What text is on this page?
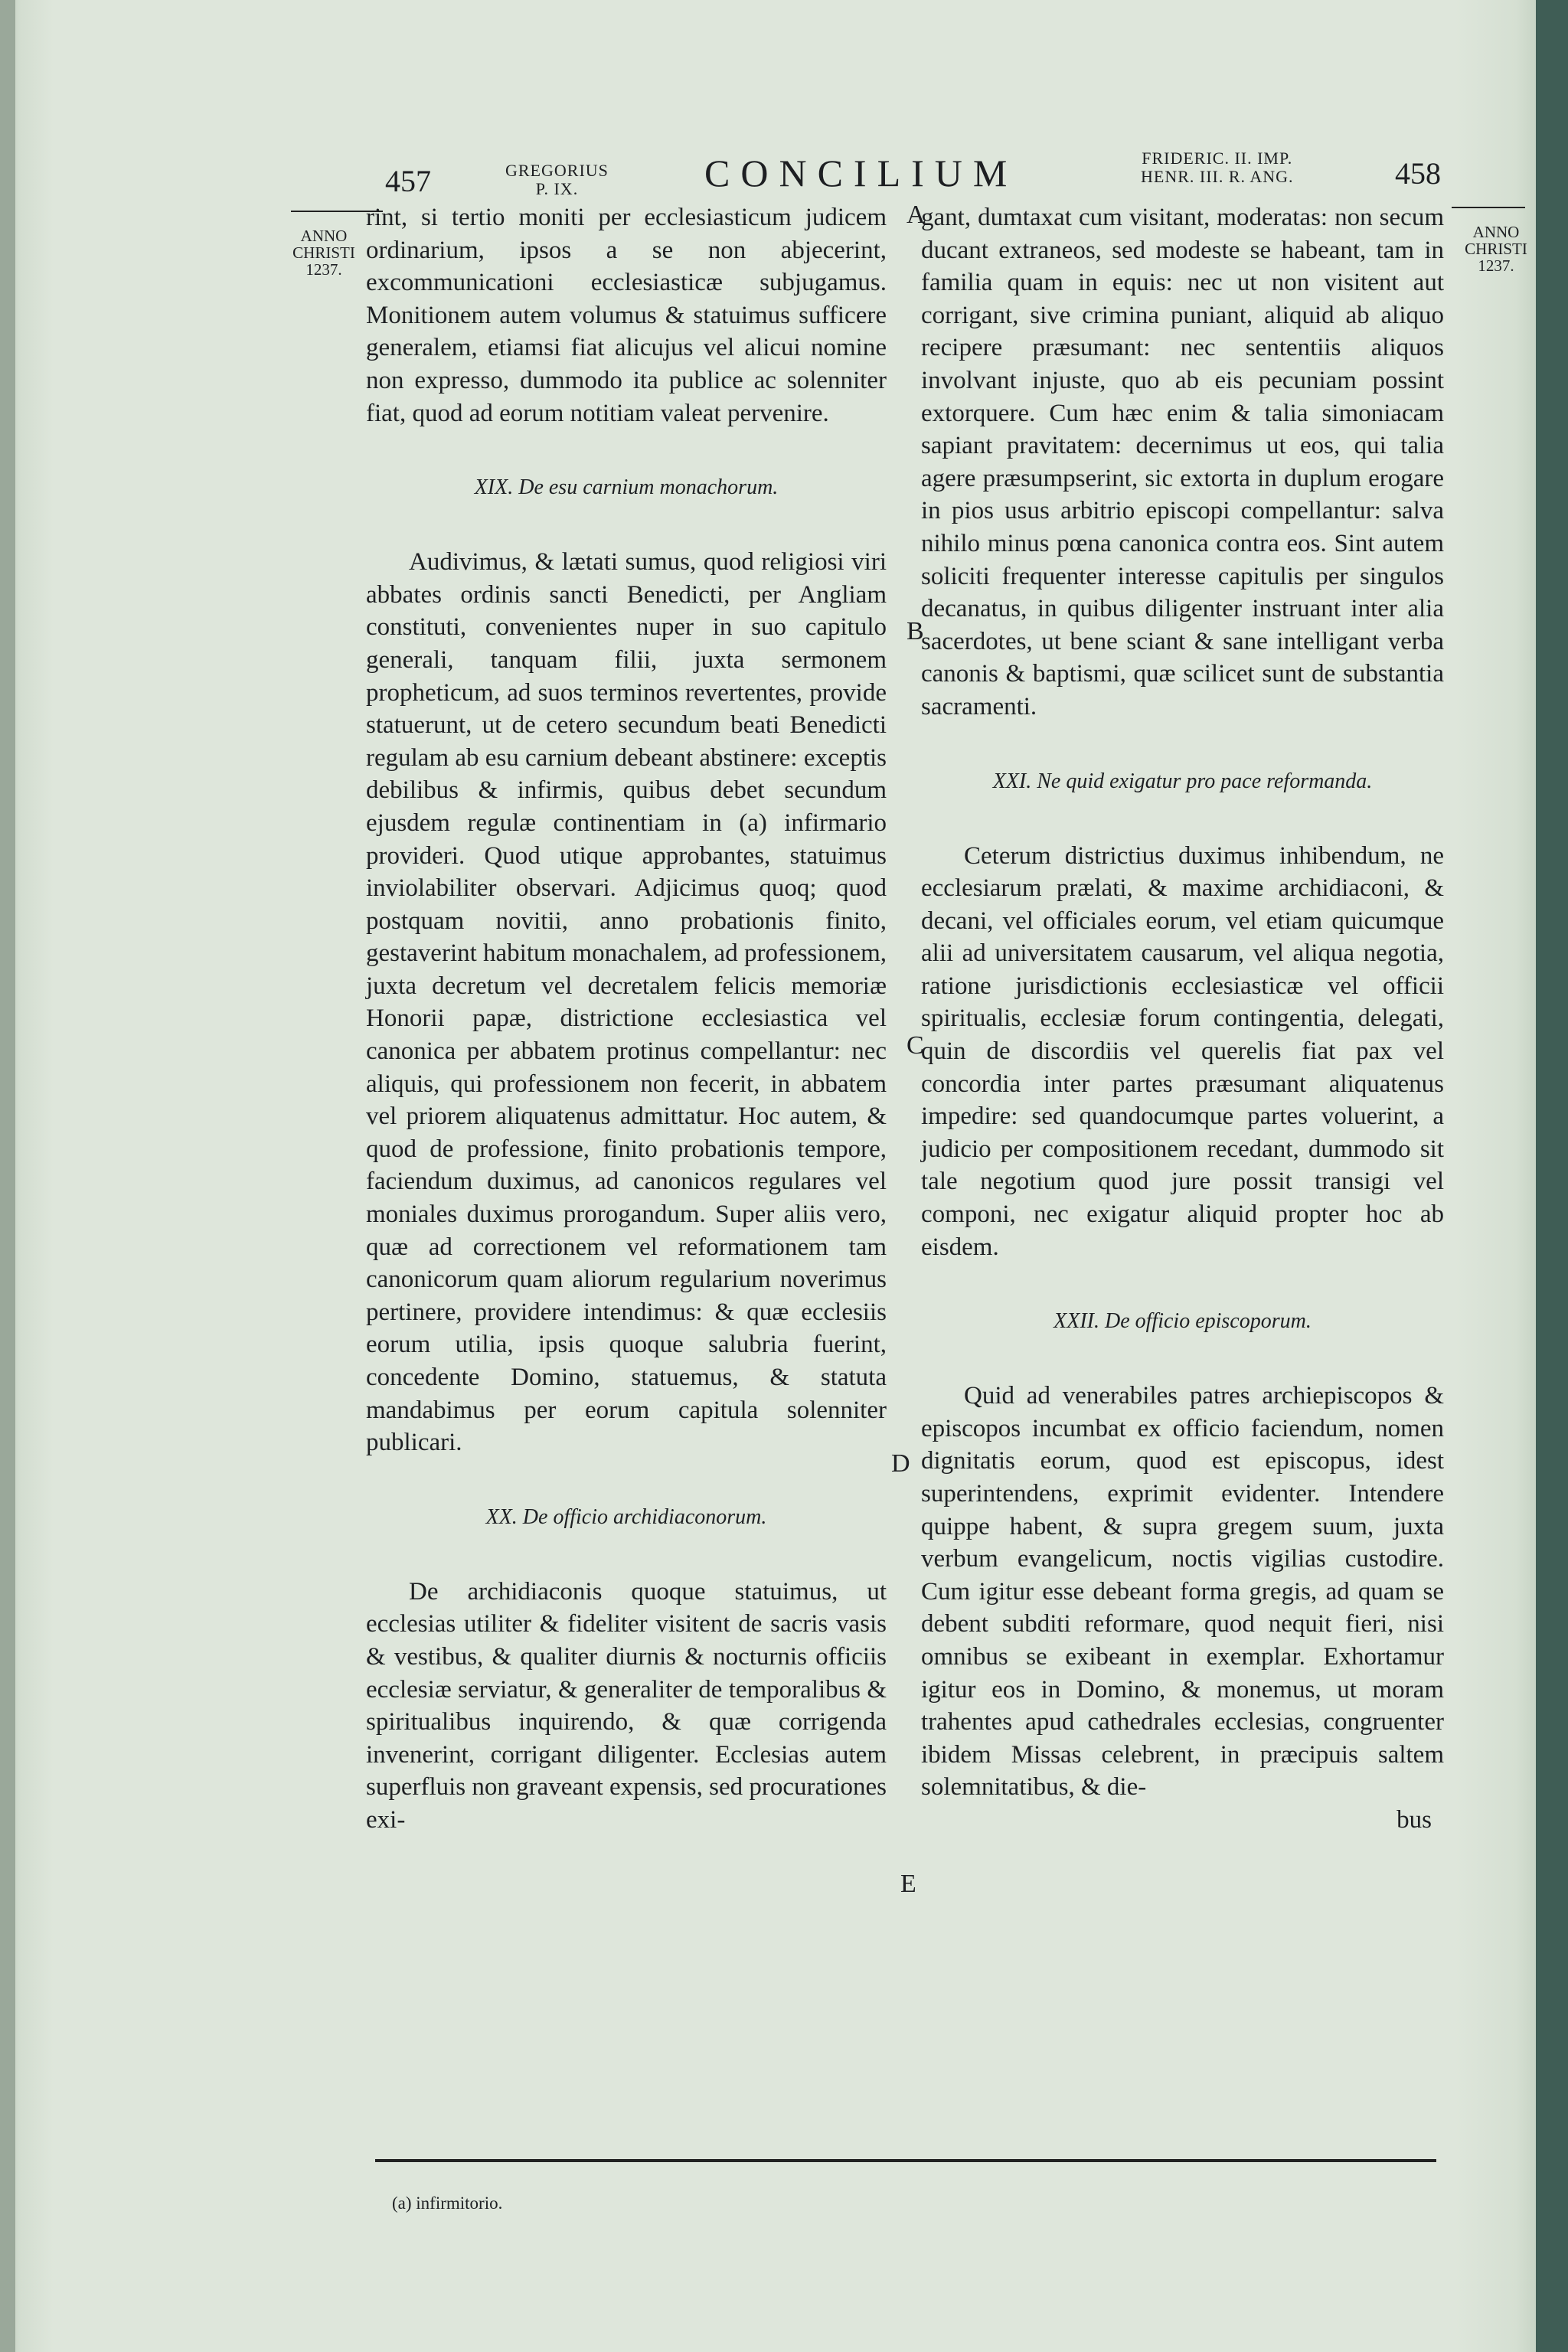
457	GREGORIUS
P. IX.	CONCILIUM	FRIDERIC. II. IMP.
HENR. III. R. ANG.	458
ANNO
CHRISTI
1237.
ANNO
CHRISTI
1237.

rint, si tertio moniti per ecclesiasticum judicem ordinarium, ipsos a se non abjecerint, excommunicationi ecclesiasticæ subjugamus. Monitionem autem volumus & statuimus sufficere generalem, etiamsi fiat alicujus vel alicui nomine non expresso, dummodo ita publice ac solenniter fiat, quod ad eorum notitiam valeat pervenire.

XIX. De esu carnium monachorum.

Audivimus, & lætati sumus, quod religiosi viri abbates ordinis sancti Benedicti, per Angliam constituti, convenientes nuper in suo capitulo generali, tanquam filii, juxta sermonem propheticum, ad suos terminos revertentes, provide statuerunt, ut de cetero secundum beati Benedicti regulam ab esu carnium debeant abstinere: exceptis debilibus & infirmis, quibus debet secundum ejusdem regulæ continentiam in (a) infirmario provideri. Quod utique approbantes, statuimus inviolabiliter observari. Adjicimus quoq; quod postquam novitii, anno probationis finito, gestaverint habitum monachalem, ad professionem, juxta decretum vel decretalem felicis memoriæ Honorii papæ, districtione ecclesiastica vel canonica per abbatem protinus compellantur: nec aliquis, qui professionem non fecerit, in abbatem vel priorem aliquatenus admittatur. Hoc autem, & quod de professione, finito probationis tempore, faciendum duximus, ad canonicos regulares vel moniales duximus prorogandum. Super aliis vero, quæ ad correctionem vel reformationem tam canonicorum quam aliorum regularium noverimus pertinere, providere intendimus: & quæ ecclesiis eorum utilia, ipsis quoque salubria fuerint, concedente Domino, statuemus, & statuta mandabimus per eorum capitula solenniter publicari.

XX. De officio archidiaconorum.

De archidiaconis quoque statuimus, ut ecclesias utiliter & fideliter visitent de sacris vasis & vestibus, & qualiter diurnis & nocturnis officiis ecclesiæ serviatur, & generaliter de temporalibus & spiritualibus inquirendo, & quæ corrigenda invenerint, corrigant diligenter. Ecclesias autem superfluis non graveant expensis, sed procurationes exi-

gant, dumtaxat cum visitant, moderatas: non secum ducant extraneos, sed modeste se habeant, tam in familia quam in equis: nec ut non visitent aut corrigant, sive crimina puniant, aliquid ab aliquo recipere præsumant: nec sententiis aliquos involvant injuste, quo ab eis pecuniam possint extorquere. Cum hæc enim & talia simoniacam sapiant pravitatem: decernimus ut eos, qui talia agere præsumpserint, sic extorta in duplum erogare in pios usus arbitrio episcopi compellantur: salva nihilo minus pœna canonica contra eos. Sint autem soliciti frequenter interesse capitulis per singulos decanatus, in quibus diligenter instruant inter alia sacerdotes, ut bene sciant & sane intelligant verba canonis & baptismi, quæ scilicet sunt de substantia sacramenti.

XXI. Ne quid exigatur pro pace reformanda.

Ceterum districtius duximus inhibendum, ne ecclesiarum prælati, & maxime archidiaconi, & decani, vel officiales eorum, vel etiam quicumque alii ad universitatem causarum, vel aliqua negotia, ratione jurisdictionis ecclesiasticæ vel officii spiritualis, ecclesiæ forum contingentia, delegati, quin de discordiis vel querelis fiat pax vel concordia inter partes præsumant aliquatenus impedire: sed quandocumque partes voluerint, a judicio per compositionem recedant, dummodo sit tale negotium quod jure possit transigi vel componi, nec exigatur aliquid propter hoc ab eisdem.

XXII. De officio episcoporum.

Quid ad venerabiles patres archiepiscopos & episcopos incumbat ex officio faciendum, nomen dignitatis eorum, quod est episcopus, idest superintendens, exprimit evidenter. Intendere quippe habent, & supra gregem suum, juxta verbum evangelicum, noctis vigilias custodire. Cum igitur esse debeant forma gregis, ad quam se debent subditi reformare, quod nequit fieri, nisi omnibus se exibeant in exemplar. Exhortamur igitur eos in Domino, & monemus, ut moram trahentes apud cathedrales ecclesias, congruenter ibidem Missas celebrent, in præcipuis saltem solemnitatibus, & die-

bus

A
B
C
D
E
(a) infirmitorio.
